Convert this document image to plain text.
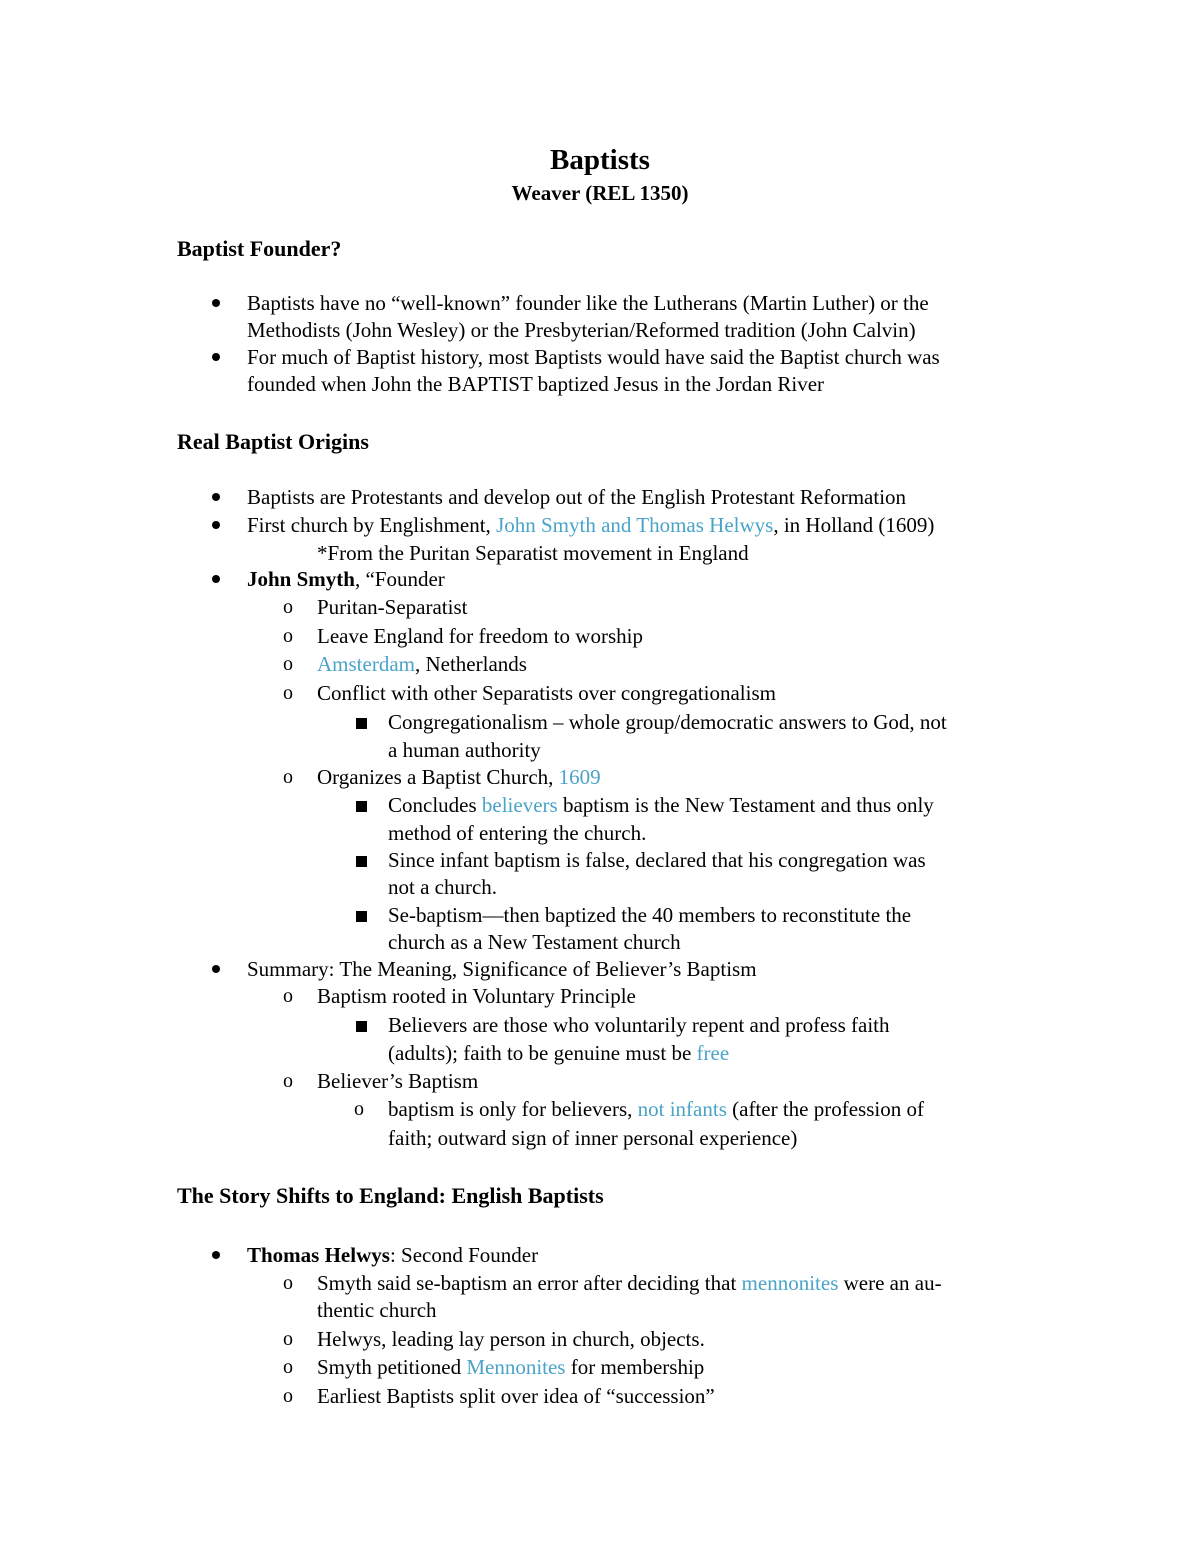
Baptists
Weaver (REL 1350)
Baptist Founder?
Baptists have no “well-known” founder like the Lutherans (Martin Luther) or the
Methodists (John Wesley) or the Presbyterian/Reformed tradition (John Calvin)
For much of Baptist history, most Baptists would have said the Baptist church was
founded when John the BAPTIST baptized Jesus in the Jordan River
Real Baptist Origins
Baptists are Protestants and develop out of the English Protestant Reformation
First church by Englishment, John Smyth and Thomas Helwys, in Holland (1609)
*From the Puritan Separatist movement in England
John Smyth, “Founder
o Puritan-Separatist
o Leave England for freedom to worship
o Amsterdam, Netherlands
o Conflict with other Separatists over congregationalism
Congregationalism – whole group/democratic answers to God, not
a human authority
o Organizes a Baptist Church, 1609
Concludes believers baptism is the New Testament and thus only
method of entering the church.
Since infant baptism is false, declared that his congregation was
not a church.
Se-baptism—then baptized the 40 members to reconstitute the
church as a New Testament church
Summary: The Meaning, Significance of Believer’s Baptism
o Baptism rooted in Voluntary Principle
Believers are those who voluntarily repent and profess faith
(adults); faith to be genuine must be free
o Believer’s Baptism
o baptism is only for believers, not infants (after the profession of
faith; outward sign of inner personal experience)
The Story Shifts to England: English Baptists
Thomas Helwys: Second Founder
o Smyth said se-baptism an error after deciding that mennonites were an au-
thentic church
o Helwys, leading lay person in church, objects.
o Smyth petitioned Mennonites for membership
o Earliest Baptists split over idea of “succession”
